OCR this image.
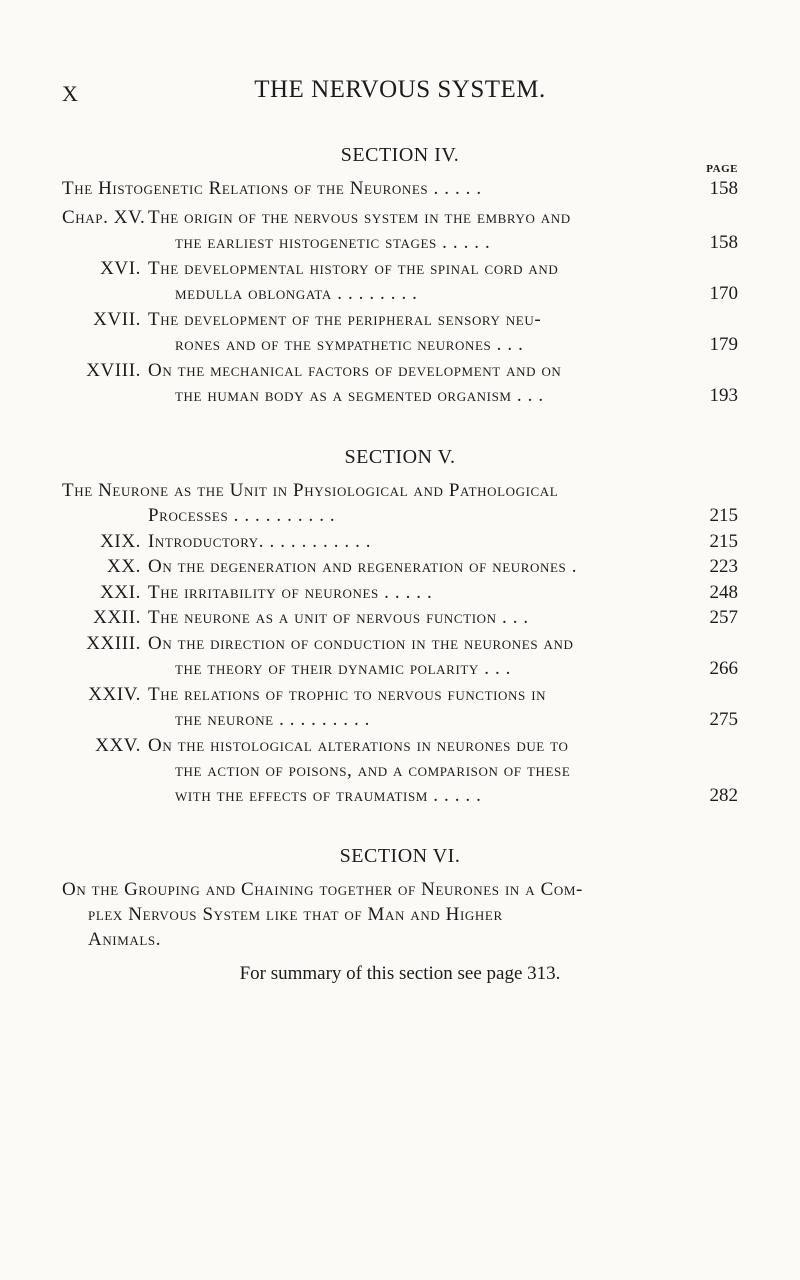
X	THE NERVOUS SYSTEM.
SECTION IV.
PAGE
The Histogenetic Relations of the Neurones . . . . .	158
Chap. XV. The origin of the nervous system in the embryo and
the earliest histogenetic stages . . . . .	158
XVI. The developmental history of the spinal cord and
medulla oblongata . . . . . . . .	170
XVII. The development of the peripheral sensory neu-
rones and of the sympathetic neurones . . .	179
XVIII. On the mechanical factors of development and on
the human body as a segmented organism . . .	193
SECTION V.
The Neurone as the Unit in Physiological and Pathological
Processes . . . . . . . . . .	215
XIX. Introductory. . . . . . . . . . .	215
XX. On the degeneration and regeneration of neurones .	223
XXI. The irritability of neurones . . . . .	248
XXII. The neurone as a unit of nervous function . . .	257
XXIII. On the direction of conduction in the neurones and
the theory of their dynamic polarity . . .	266
XXIV. The relations of trophic to nervous functions in
the neurone . . . . . . . . .	275
XXV. On the histological alterations in neurones due to
the action of poisons, and a comparison of these
with the effects of traumatism . . . . .	282
SECTION VI.
On the Grouping and Chaining together of Neurones in a Com-
plex Nervous System like that of Man and Higher
Animals.
For summary of this section see page 313.
